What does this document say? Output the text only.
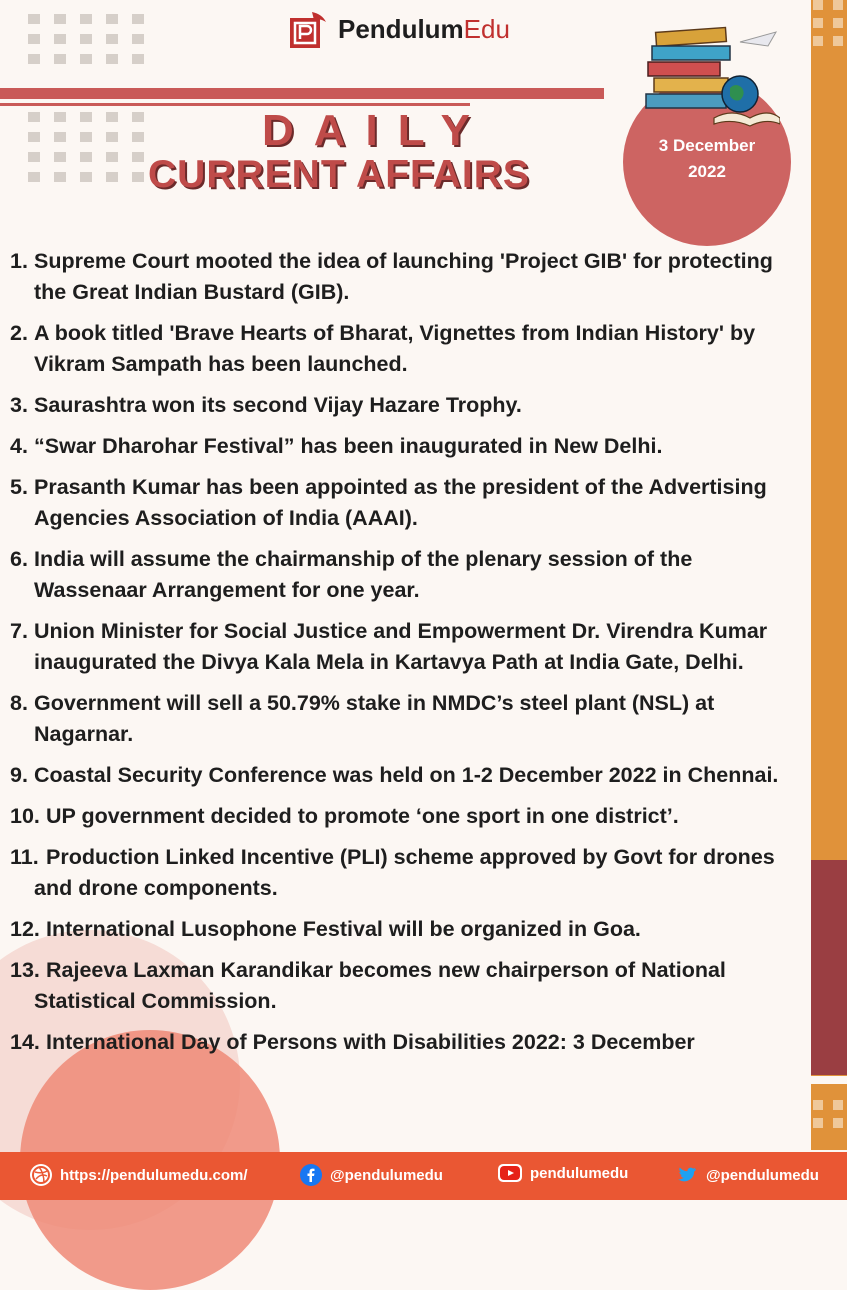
PendulumEdu
DAILY
CURRENT AFFAIRS
3 December
2022
1. Supreme Court mooted the idea of launching 'Project GIB' for protecting the Great Indian Bustard (GIB).
2. A book titled 'Brave Hearts of Bharat, Vignettes from Indian History' by Vikram Sampath has been launched.
3. Saurashtra won its second Vijay Hazare Trophy.
4. “Swar Dharohar Festival” has been inaugurated in New Delhi.
5. Prasanth Kumar has been appointed as the president of the Advertising Agencies Association of India (AAAI).
6. India will assume the chairmanship of the plenary session of the Wassenaar Arrangement for one year.
7. Union Minister for Social Justice and Empowerment Dr. Virendra Kumar inaugurated the Divya Kala Mela in Kartavya Path at India Gate, Delhi.
8. Government will sell a 50.79% stake in NMDC’s steel plant (NSL) at Nagarnar.
9. Coastal Security Conference was held on 1-2 December 2022 in Chennai.
10. UP government decided to promote ‘one sport in one district’.
11. Production Linked Incentive (PLI) scheme approved by Govt for drones and drone components.
12. International Lusophone Festival will be organized in Goa.
13. Rajeeva Laxman Karandikar becomes new chairperson of National Statistical Commission.
14. International Day of Persons with Disabilities 2022: 3 December
https://pendulumedu.com/	@pendulumedu	pendulumedu	@pendulumedu
